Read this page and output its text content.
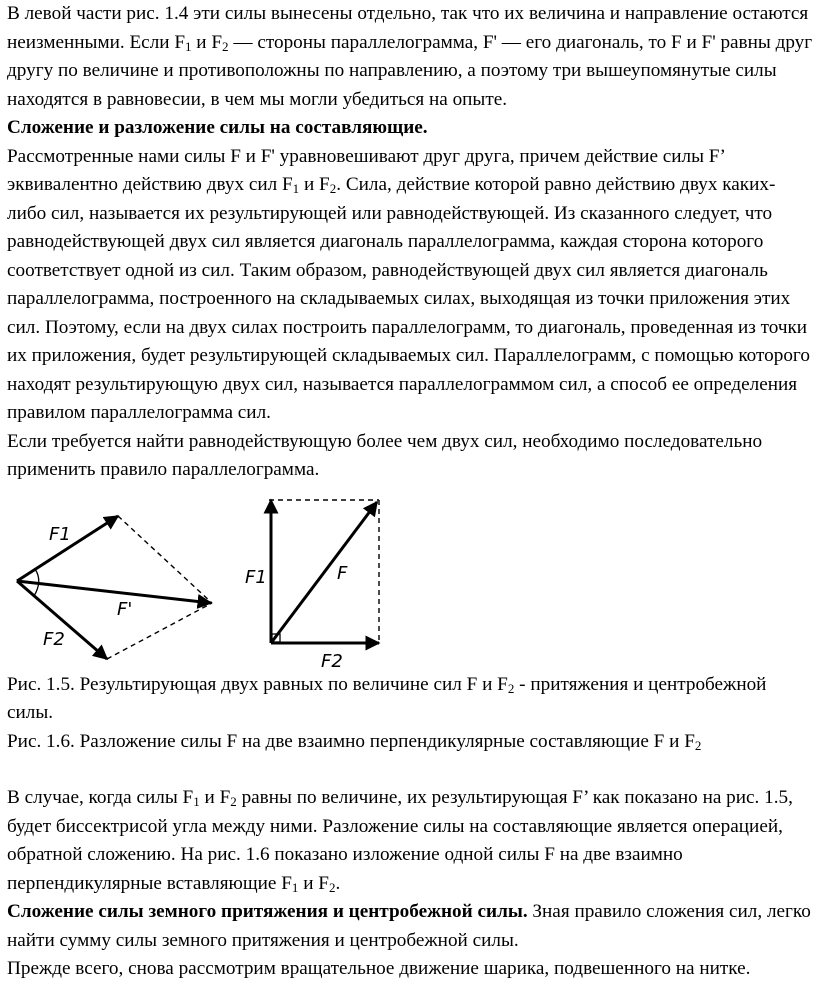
В левой части рис. 1.4 эти силы вынесены отдельно, так что их величина и направление остаются неизменными. Если $F_1$ и $F_2$ — стороны параллелограмма, F' — его диагональ, то F и F' равны друг другу по величине и противоположны по направлению, а поэтому три вышеупомянутые силы находятся в равновесии, в чем мы могли убедиться на опыте.

Сложение и разложение силы на составляющие.

Рассмотренные нами силы F и F' уравновешивают друг друга, причем действие силы F’ эквивалентно действию двух сил $F_1$ и $F_2$. Сила, действие которой равно действию двух каких-либо сил, называется их результирующей или равнодействующей. Из сказанного следует, что равнодействующей двух сил является диагональ параллелограмма, каждая сторона которого соответствует одной из сил. Таким образом, равнодействующей двух сил является диагональ параллелограмма, построенного на складываемых силах, выходящая из точки приложения этих сил. Поэтому, если на двух силах построить параллелограмм, то диагональ, проведенная из точки их приложения, будет результирующей складываемых сил. Параллелограмм, с помощью которого находят результирующую двух сил, называется параллелограммом сил, а способ ее определения правилом параллелограмма сил.

Если требуется найти равнодействующую более чем двух сил, необходимо последовательно применить правило параллелограмма.

F1
F'
F2
F1	F
F2

Рис. 1.5. Результирующая двух равных по величине сил F и $F_2$ - притяжения и центробежной силы.

Рис. 1.6. Разложение силы F на две взаимно перпендикулярные составляющие F и $F_2$

В случае, когда силы $F_1$ и $F_2$ равны по величине, их результирующая F’ как показано на рис. 1.5, будет биссектрисой угла между ними. Разложение силы на составляющие является операцией, обратной сложению. На рис. 1.6 показано изложение одной силы F на две взаимно перпендикулярные вставляющие $F_1$ и $F_2$.

Сложение силы земного притяжения и центробежной силы. Зная правило сложения сил, легко найти сумму силы земного притяжения и центробежной силы.

Прежде всего, снова рассмотрим вращательное движение шарика, подвешенного на нитке.
